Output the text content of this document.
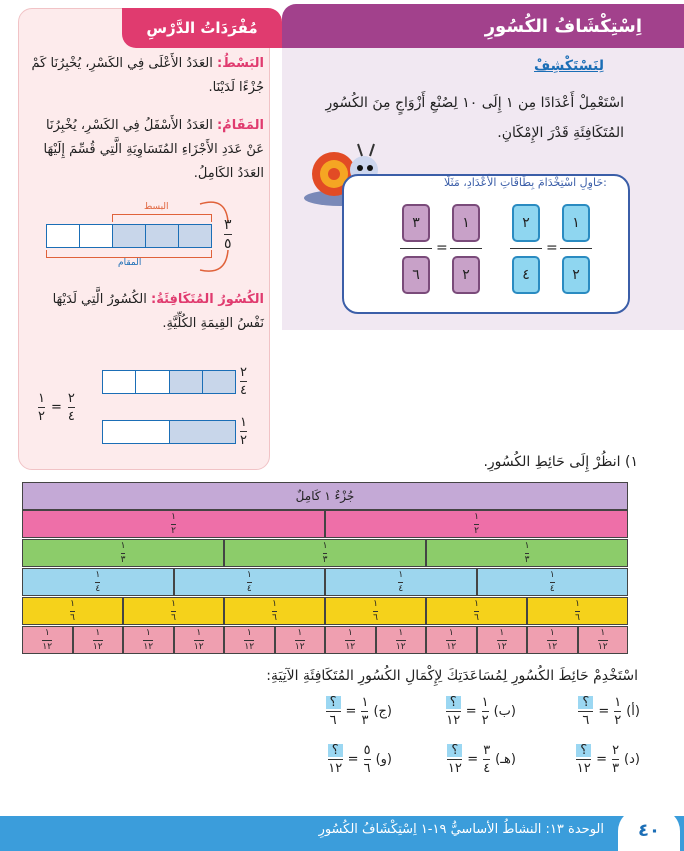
مُفْرَدَاتُ الدَّرْسِ
البَسْطُ: العَدَدُ الأَعْلَى فِي الكَسْرِ، يُخْبِرُنَا كَمْ جُزْءًا لَدَيْنَا.
المَقَامُ: العَدَدُ الأَسْفَلُ فِي الكَسْرِ، يُخْبِرُنَا عَنْ عَدَدِ الأَجْزَاءِ المُتَسَاوِيَةِ الَّتِي قُسِّمَ إِلَيْهَا العَدَدُ الكَامِلُ.
البسط
المقام
٣
٥
الكُسُورُ المُتَكَافِئَةُ: الكُسُورُ الَّتِي لَدَيْهَا نَفْسُ القِيمَةِ الكُلِّيَّةِ.
٢
٤
١
٢
$\frac{١}{٢} = \frac{٢}{٤}$
اِسْتِكْشَافُ الكُسُورِ
لِنَسْتَكْشِفْ
اسْتَعْمِلْ أَعْدَادًا مِن ١ إِلَى ١٠ لِصُنْعِ أَزْوَاجٍ مِنَ الكُسُورِ المُتَكَافِئَةِ قَدْرَ الإِمْكَانِ.
حَاوِلِ اسْتِخْدَامَ بِطَاقَاتِ الأَعْدَادِ، مَثَلًا:
٣
٦
=
١
٢
٢
٤
=
١
٢
١) انظُرْ إِلَى حَائِطِ الكُسُورِ.
جُزْءٌ ١ كَامِلٌ
$\frac{١}{٢}$
$\frac{١}{٢}$
$\frac{١}{٣}$
$\frac{١}{٣}$
$\frac{١}{٣}$
$\frac{١}{٤}$
$\frac{١}{٤}$
$\frac{١}{٤}$
$\frac{١}{٤}$
$\frac{١}{٦}$
$\frac{١}{٦}$
$\frac{١}{٦}$
$\frac{١}{٦}$
$\frac{١}{٦}$
$\frac{١}{٦}$
$\frac{١}{١٢}$
$\frac{١}{١٢}$
$\frac{١}{١٢}$
$\frac{١}{١٢}$
$\frac{١}{١٢}$
$\frac{١}{١٢}$
$\frac{١}{١٢}$
$\frac{١}{١٢}$
$\frac{١}{١٢}$
$\frac{١}{١٢}$
$\frac{١}{١٢}$
$\frac{١}{١٢}$
اسْتَخْدِمْ حَائِطَ الكُسُورِ لِمُسَاعَدَتِكَ لِإِكْمَالِ الكُسُورِ المُتَكَافِئَةِ الآتِيَةِ:
(أ)
$\frac{١}{٢}$
=
$\frac{؟}{٦}$
(ب)
$\frac{١}{٢}$
=
$\frac{؟}{١٢}$
(ج)
$\frac{١}{٣}$
=
$\frac{؟}{٦}$
(د)
$\frac{٢}{٣}$
=
$\frac{؟}{١٢}$
(هـ)
$\frac{٣}{٤}$
=
$\frac{؟}{١٢}$
(و)
$\frac{٥}{٦}$
=
$\frac{؟}{١٢}$
٤٠
الوحدة ١٣: النشاطُ الأساسيُّ ١٩-١ اِسْتِكْشَافُ الكُسُورِ
